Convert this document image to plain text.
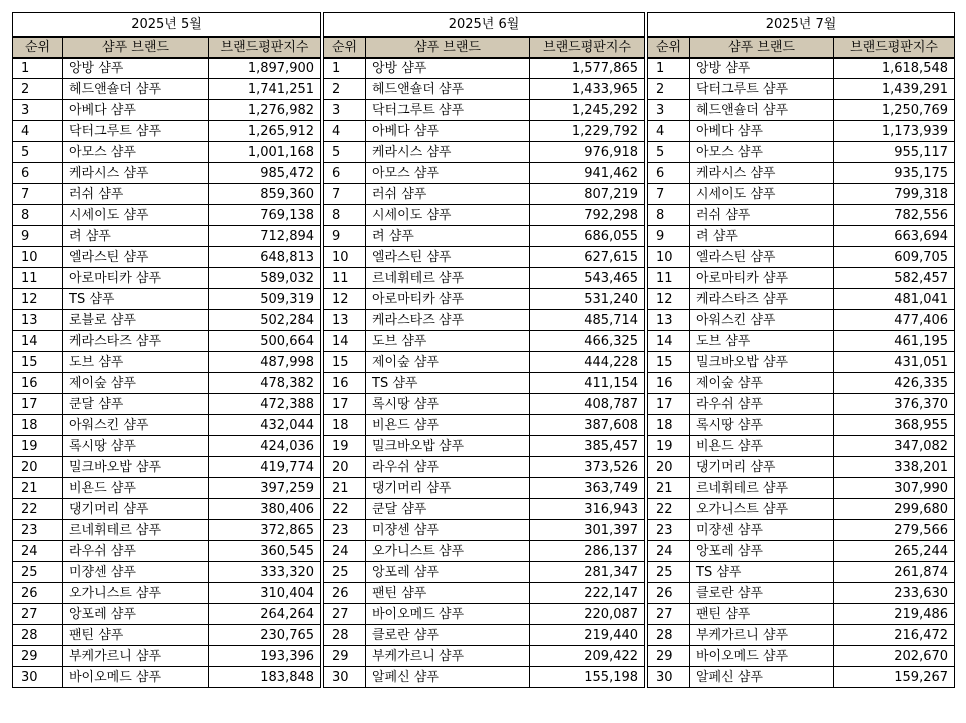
2025년 5월		
순위	샴푸 브랜드	브랜드평판지수
1	앙방 샴푸	1,897,900
2	헤드앤숄더 샴푸	1,741,251
3	아베다 샴푸	1,276,982
4	닥터그루트 샴푸	1,265,912
5	아모스 샴푸	1,001,168
6	케라시스 샴푸	985,472
7	러쉬 샴푸	859,360
8	시세이도 샴푸	769,138
9	려 샴푸	712,894
10	엘라스틴 샴푸	648,813
11	아로마티카 샴푸	589,032
12	TS 샴푸	509,319
13	로블로 샴푸	502,284
14	케라스타즈 샴푸	500,664
15	도브 샴푸	487,998
16	제이숲 샴푸	478,382
17	쿤달 샴푸	472,388
18	아워스킨 샴푸	432,044
19	록시땅 샴푸	424,036
20	밀크바오밥 샴푸	419,774
21	비욘드 샴푸	397,259
22	댕기머리 샴푸	380,406
23	르네휘테르 샴푸	372,865
24	라우쉬 샴푸	360,545
25	미쟝센 샴푸	333,320
26	오가니스트 샴푸	310,404
27	앙포레 샴푸	264,264
28	팬틴 샴푸	230,765
29	부케가르니 샴푸	193,396
30	바이오메드 샴푸	183,848
2025년 6월		
순위	샴푸 브랜드	브랜드평판지수
1	앙방 샴푸	1,577,865
2	헤드앤숄더 샴푸	1,433,965
3	닥터그루트 샴푸	1,245,292
4	아베다 샴푸	1,229,792
5	케라시스 샴푸	976,918
6	아모스 샴푸	941,462
7	러쉬 샴푸	807,219
8	시세이도 샴푸	792,298
9	려 샴푸	686,055
10	엘라스틴 샴푸	627,615
11	르네휘테르 샴푸	543,465
12	아로마티카 샴푸	531,240
13	케라스타즈 샴푸	485,714
14	도브 샴푸	466,325
15	제이숲 샴푸	444,228
16	TS 샴푸	411,154
17	록시땅 샴푸	408,787
18	비욘드 샴푸	387,608
19	밀크바오밥 샴푸	385,457
20	라우쉬 샴푸	373,526
21	댕기머리 샴푸	363,749
22	쿤달 샴푸	316,943
23	미쟝센 샴푸	301,397
24	오가니스트 샴푸	286,137
25	앙포레 샴푸	281,347
26	팬틴 샴푸	222,147
27	바이오메드 샴푸	220,087
28	클로란 샴푸	219,440
29	부케가르니 샴푸	209,422
30	알페신 샴푸	155,198
2025년 7월		
순위	샴푸 브랜드	브랜드평판지수
1	앙방 샴푸	1,618,548
2	닥터그루트 샴푸	1,439,291
3	헤드앤숄더 샴푸	1,250,769
4	아베다 샴푸	1,173,939
5	아모스 샴푸	955,117
6	케라시스 샴푸	935,175
7	시세이도 샴푸	799,318
8	러쉬 샴푸	782,556
9	려 샴푸	663,694
10	엘라스틴 샴푸	609,705
11	아로마티카 샴푸	582,457
12	케라스타즈 샴푸	481,041
13	아워스킨 샴푸	477,406
14	도브 샴푸	461,195
15	밀크바오밥 샴푸	431,051
16	제이숲 샴푸	426,335
17	라우쉬 샴푸	376,370
18	록시땅 샴푸	368,955
19	비욘드 샴푸	347,082
20	댕기머리 샴푸	338,201
21	르네휘테르 샴푸	307,990
22	오가니스트 샴푸	299,680
23	미쟝센 샴푸	279,566
24	앙포레 샴푸	265,244
25	TS 샴푸	261,874
26	클로란 샴푸	233,630
27	팬틴 샴푸	219,486
28	부케가르니 샴푸	216,472
29	바이오메드 샴푸	202,670
30	알페신 샴푸	159,267
